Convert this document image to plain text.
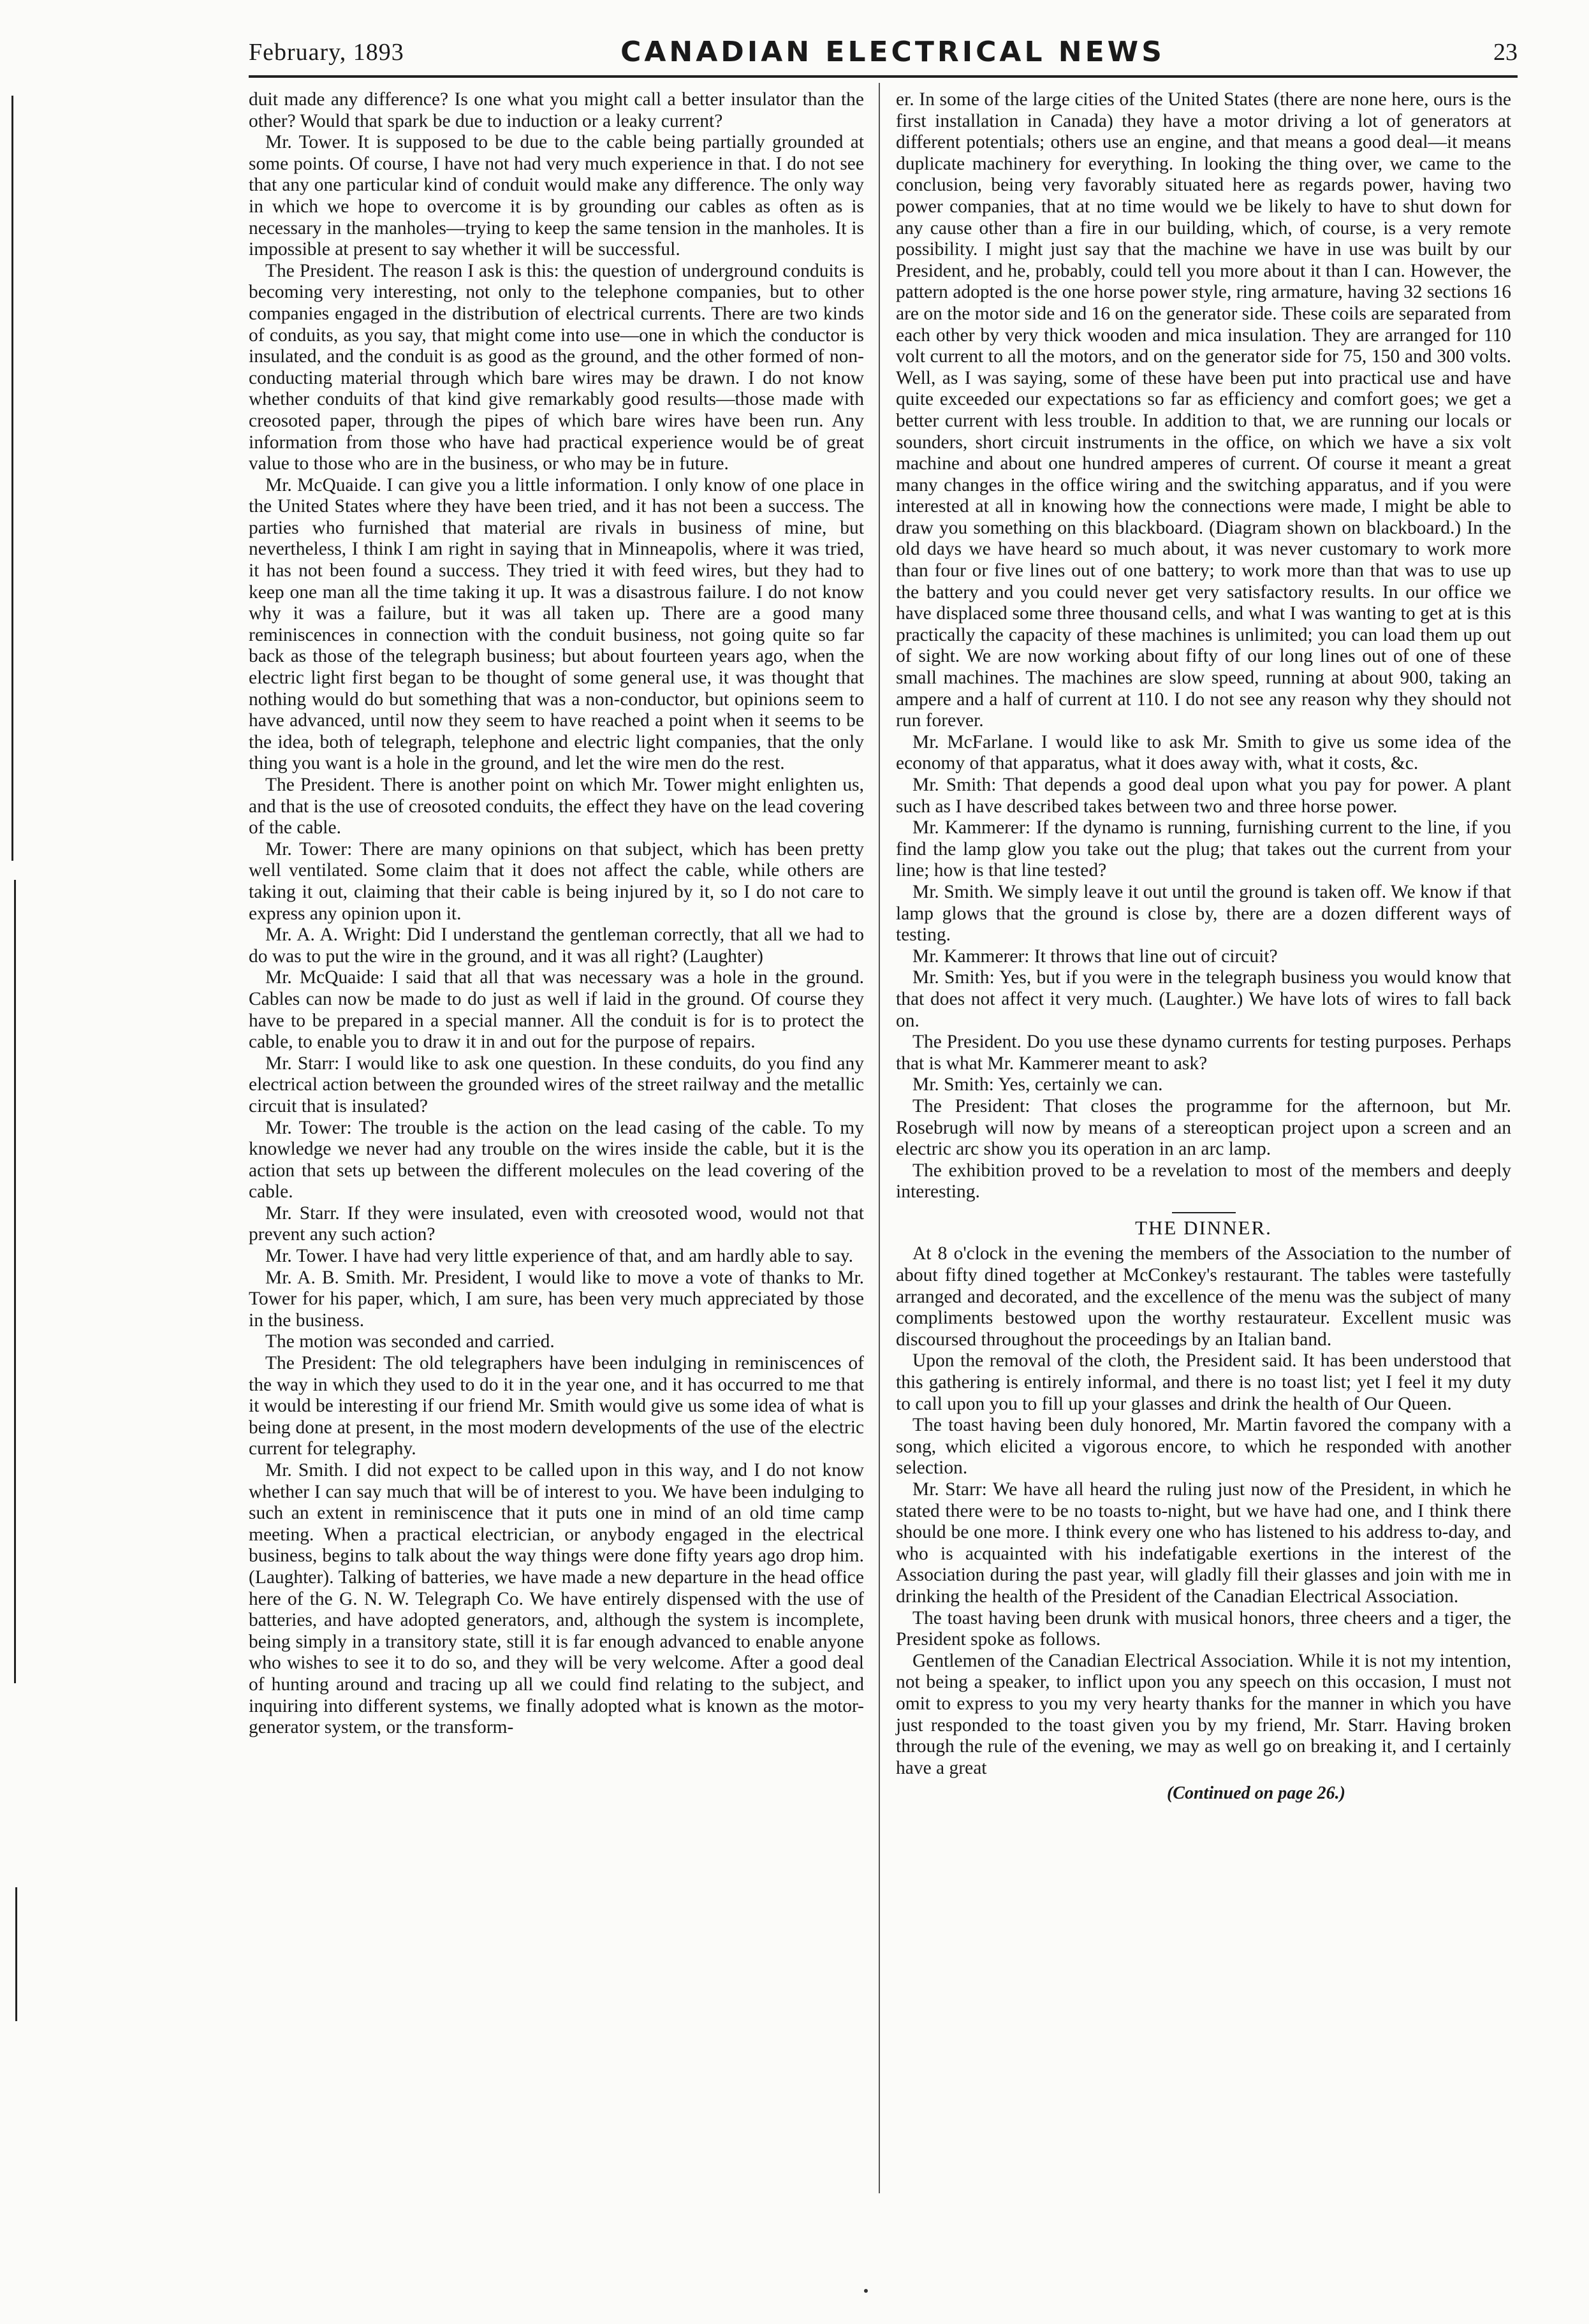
February, 1893	CANADIAN ELECTRICAL NEWS	23

duit made any difference? Is one what you might call a better insulator than the other? Would that spark be due to induction or a leaky current?

Mr. Tower. It is supposed to be due to the cable being partially grounded at some points. Of course, I have not had very much experience in that. I do not see that any one particular kind of conduit would make any difference. The only way in which we hope to overcome it is by grounding our cables as often as is necessary in the manholes—trying to keep the same tension in the manholes. It is impossible at present to say whether it will be successful.

The President. The reason I ask is this: the question of underground conduits is becoming very interesting, not only to the telephone companies, but to other companies engaged in the distribution of electrical currents. There are two kinds of conduits, as you say, that might come into use—one in which the conductor is insulated, and the conduit is as good as the ground, and the other formed of non-conducting material through which bare wires may be drawn. I do not know whether conduits of that kind give remarkably good results—those made with creosoted paper, through the pipes of which bare wires have been run. Any information from those who have had practical experience would be of great value to those who are in the business, or who may be in future.

Mr. McQuaide. I can give you a little information. I only know of one place in the United States where they have been tried, and it has not been a success. The parties who furnished that material are rivals in business of mine, but nevertheless, I think I am right in saying that in Minneapolis, where it was tried, it has not been found a success. They tried it with feed wires, but they had to keep one man all the time taking it up. It was a disastrous failure. I do not know why it was a failure, but it was all taken up. There are a good many reminiscences in connection with the conduit business, not going quite so far back as those of the telegraph business; but about fourteen years ago, when the electric light first began to be thought of some general use, it was thought that nothing would do but something that was a non-conductor, but opinions seem to have advanced, until now they seem to have reached a point when it seems to be the idea, both of telegraph, telephone and electric light companies, that the only thing you want is a hole in the ground, and let the wire men do the rest.

The President. There is another point on which Mr. Tower might enlighten us, and that is the use of creosoted conduits, the effect they have on the lead covering of the cable.

Mr. Tower: There are many opinions on that subject, which has been pretty well ventilated. Some claim that it does not affect the cable, while others are taking it out, claiming that their cable is being injured by it, so I do not care to express any opinion upon it.

Mr. A. A. Wright: Did I understand the gentleman correctly, that all we had to do was to put the wire in the ground, and it was all right? (Laughter)

Mr. McQuaide: I said that all that was necessary was a hole in the ground. Cables can now be made to do just as well if laid in the ground. Of course they have to be prepared in a special manner. All the conduit is for is to protect the cable, to enable you to draw it in and out for the purpose of repairs.

Mr. Starr: I would like to ask one question. In these conduits, do you find any electrical action between the grounded wires of the street railway and the metallic circuit that is insulated?

Mr. Tower: The trouble is the action on the lead casing of the cable. To my knowledge we never had any trouble on the wires inside the cable, but it is the action that sets up between the different molecules on the lead covering of the cable.

Mr. Starr. If they were insulated, even with creosoted wood, would not that prevent any such action?

Mr. Tower. I have had very little experience of that, and am hardly able to say.

Mr. A. B. Smith. Mr. President, I would like to move a vote of thanks to Mr. Tower for his paper, which, I am sure, has been very much appreciated by those in the business.

The motion was seconded and carried.

The President: The old telegraphers have been indulging in reminiscences of the way in which they used to do it in the year one, and it has occurred to me that it would be interesting if our friend Mr. Smith would give us some idea of what is being done at present, in the most modern developments of the use of the electric current for telegraphy.

Mr. Smith. I did not expect to be called upon in this way, and I do not know whether I can say much that will be of interest to you. We have been indulging to such an extent in reminiscence that it puts one in mind of an old time camp meeting. When a practical electrician, or anybody engaged in the electrical business, begins to talk about the way things were done fifty years ago drop him. (Laughter). Talking of batteries, we have made a new departure in the head office here of the G. N. W. Telegraph Co. We have entirely dispensed with the use of batteries, and have adopted generators, and, although the system is incomplete, being simply in a transitory state, still it is far enough advanced to enable anyone who wishes to see it to do so, and they will be very welcome. After a good deal of hunting around and tracing up all we could find relating to the subject, and inquiring into different systems, we finally adopted what is known as the motor-generator system, or the transform-

er. In some of the large cities of the United States (there are none here, ours is the first installation in Canada) they have a motor driving a lot of generators at different potentials; others use an engine, and that means a good deal—it means duplicate machinery for everything. In looking the thing over, we came to the conclusion, being very favorably situated here as regards power, having two power companies, that at no time would we be likely to have to shut down for any cause other than a fire in our building, which, of course, is a very remote possibility. I might just say that the machine we have in use was built by our President, and he, probably, could tell you more about it than I can. However, the pattern adopted is the one horse power style, ring armature, having 32 sections 16 are on the motor side and 16 on the generator side. These coils are separated from each other by very thick wooden and mica insulation. They are arranged for 110 volt current to all the motors, and on the generator side for 75, 150 and 300 volts. Well, as I was saying, some of these have been put into practical use and have quite exceeded our expectations so far as efficiency and comfort goes; we get a better current with less trouble. In addition to that, we are running our locals or sounders, short circuit instruments in the office, on which we have a six volt machine and about one hundred amperes of current. Of course it meant a great many changes in the office wiring and the switching apparatus, and if you were interested at all in knowing how the connections were made, I might be able to draw you something on this blackboard. (Diagram shown on blackboard.) In the old days we have heard so much about, it was never customary to work more than four or five lines out of one battery; to work more than that was to use up the battery and you could never get very satisfactory results. In our office we have displaced some three thousand cells, and what I was wanting to get at is this practically the capacity of these machines is unlimited; you can load them up out of sight. We are now working about fifty of our long lines out of one of these small machines. The machines are slow speed, running at about 900, taking an ampere and a half of current at 110. I do not see any reason why they should not run forever.

Mr. McFarlane. I would like to ask Mr. Smith to give us some idea of the economy of that apparatus, what it does away with, what it costs, &c.

Mr. Smith: That depends a good deal upon what you pay for power. A plant such as I have described takes between two and three horse power.

Mr. Kammerer: If the dynamo is running, furnishing current to the line, if you find the lamp glow you take out the plug; that takes out the current from your line; how is that line tested?

Mr. Smith. We simply leave it out until the ground is taken off. We know if that lamp glows that the ground is close by, there are a dozen different ways of testing.

Mr. Kammerer: It throws that line out of circuit?

Mr. Smith: Yes, but if you were in the telegraph business you would know that that does not affect it very much. (Laughter.) We have lots of wires to fall back on.

The President. Do you use these dynamo currents for testing purposes. Perhaps that is what Mr. Kammerer meant to ask?

Mr. Smith: Yes, certainly we can.

The President: That closes the programme for the afternoon, but Mr. Rosebrugh will now by means of a stereoptican project upon a screen and an electric arc show you its operation in an arc lamp.

The exhibition proved to be a revelation to most of the members and deeply interesting.

THE DINNER.

At 8 o'clock in the evening the members of the Association to the number of about fifty dined together at McConkey's restaurant. The tables were tastefully arranged and decorated, and the excellence of the menu was the subject of many compliments bestowed upon the worthy restaurateur. Excellent music was discoursed throughout the proceedings by an Italian band.

Upon the removal of the cloth, the President said. It has been understood that this gathering is entirely informal, and there is no toast list; yet I feel it my duty to call upon you to fill up your glasses and drink the health of Our Queen.

The toast having been duly honored, Mr. Martin favored the company with a song, which elicited a vigorous encore, to which he responded with another selection.

Mr. Starr: We have all heard the ruling just now of the President, in which he stated there were to be no toasts to-night, but we have had one, and I think there should be one more. I think every one who has listened to his address to-day, and who is acquainted with his indefatigable exertions in the interest of the Association during the past year, will gladly fill their glasses and join with me in drinking the health of the President of the Canadian Electrical Association.

The toast having been drunk with musical honors, three cheers and a tiger, the President spoke as follows.

Gentlemen of the Canadian Electrical Association. While it is not my intention, not being a speaker, to inflict upon you any speech on this occasion, I must not omit to express to you my very hearty thanks for the manner in which you have just responded to the toast given you by my friend, Mr. Starr. Having broken through the rule of the evening, we may as well go on breaking it, and I certainly have a great

(Continued on page 26.)
